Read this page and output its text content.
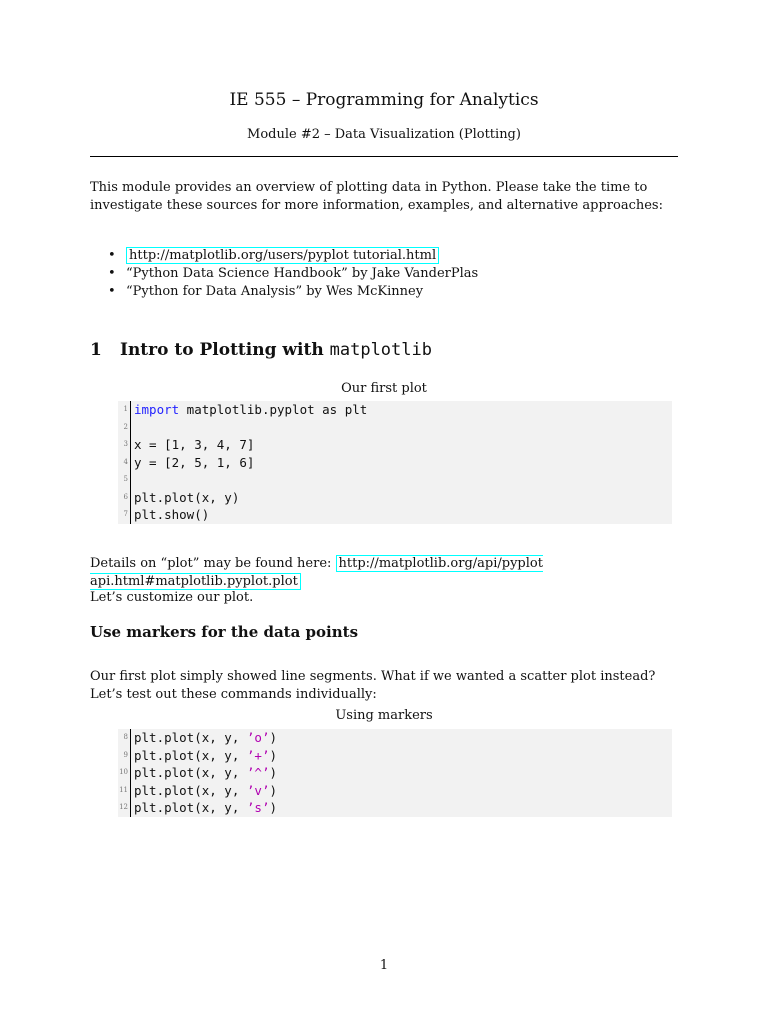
IE 555 – Programming for Analytics
Module #2 – Data Visualization (Plotting)
This module provides an overview of plotting data in Python. Please take the time to investigate these sources for more information, examples, and alternative approaches:
• http://matplotlib.org/users/pyplot tutorial.html
• “Python Data Science Handbook” by Jake VanderPlas
• “Python for Data Analysis” by Wes McKinney
1 Intro to Plotting with matplotlib
Our first plot
1 import matplotlib.pyplot as plt
2
3 x = [1, 3, 4, 7]
4 y = [2, 5, 1, 6]
5
6 plt.plot(x, y)
7 plt.show()
Details on “plot” may be found here: http://matplotlib.org/api/pyplot api.html#matplotlib.pyplot.plot
Let’s customize our plot.
Use markers for the data points
Our first plot simply showed line segments. What if we wanted a scatter plot instead? Let’s test out these commands individually:
Using markers
8 plt.plot(x, y, ’o’)
9 plt.plot(x, y, ’+’)
10 plt.plot(x, y, ’^’)
11 plt.plot(x, y, ’v’)
12 plt.plot(x, y, ’s’)
1
